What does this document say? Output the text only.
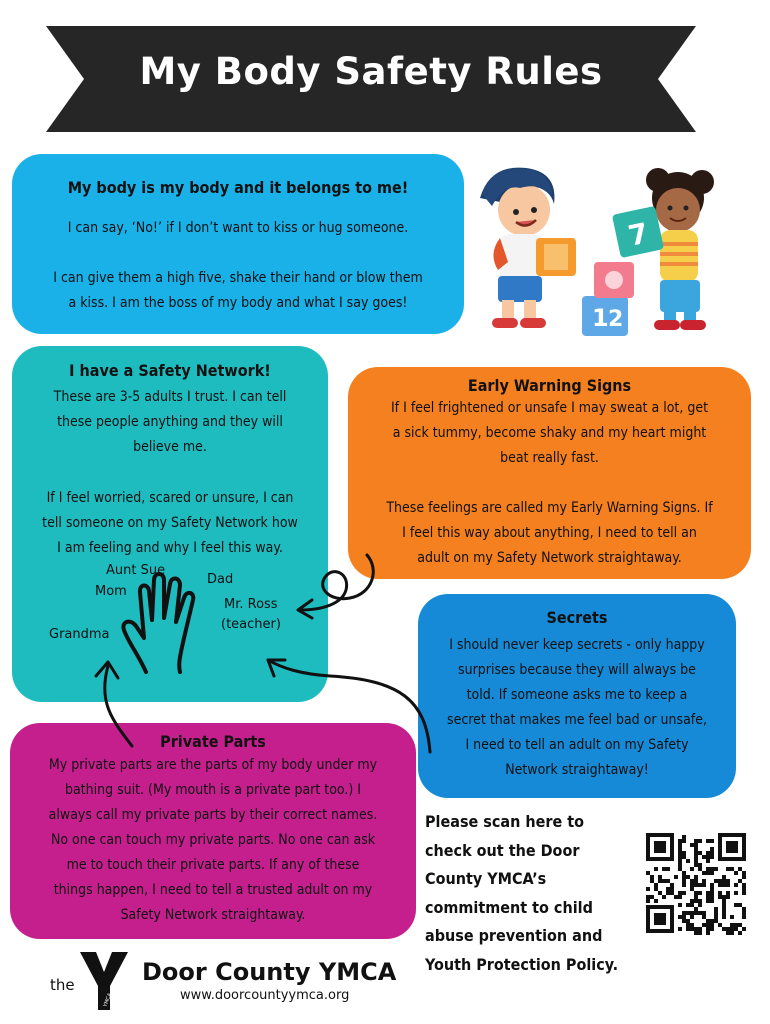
My Body Safety Rules

My body is my body and it belongs to me!

I can say, ‘No!’ if I don’t want to kiss or hug someone.

I can give them a high five, shake their hand or blow them

a kiss. I am the boss of my body and what I say goes!

1 2
7

I have a Safety Network!

These are 3-5 adults I trust. I can tell

these people anything and they will

believe me.

If I feel worried, scared or unsure, I can

tell someone on my Safety Network how

I am feeling and why I feel this way.

Aunt Sue
Mom
Dad
Mr. Ross
(teacher)
Grandma

Early Warning Signs

If I feel frightened or unsafe I may sweat a lot, get

a sick tummy, become shaky and my heart might

beat really fast.

These feelings are called my Early Warning Signs. If

I feel this way about anything, I need to tell an

adult on my Safety Network straightaway.

Secrets

I should never keep secrets - only happy

surprises because they will always be

told. If someone asks me to keep a

secret that makes me feel bad or unsafe,

I need to tell an adult on my Safety

Network straightaway!

Private Parts

My private parts are the parts of my body under my

bathing suit. (My mouth is a private part too.) I

always call my private parts by their correct names.

No one can touch my private parts. No one can ask

me to touch their private parts. If any of these

things happen, I need to tell a trusted adult on my

Safety Network straightaway.

Please scan here to
check out the Door
County YMCA’s
commitment to child
abuse prevention and
Youth Protection Policy.
the
YMCA
Door County YMCA
www.doorcountyymca.org
